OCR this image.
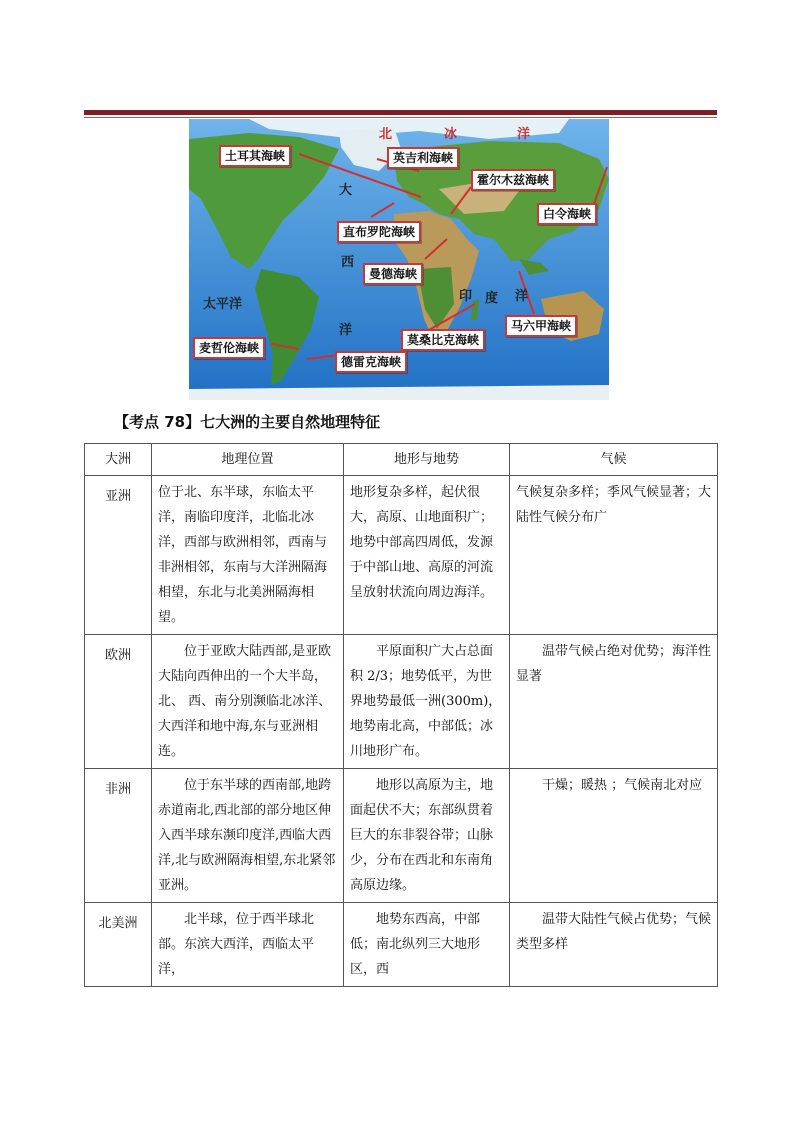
土耳其海峡	英吉利海峡
霍尔木兹海峡
白令海峡
直布罗陀海峡
曼德海峡
马六甲海峡
莫桑比克海峡
麦哲伦海峡
德雷克海峡
北	冰	洋
大
西
洋
太平洋
印 度 洋
【考点 78】七大洲的主要自然地理特征
大洲	地理位置	地形与地势	气候
亚洲	位于北、东半球，东临太平洋，南临印度洋，北临北冰洋，西部与欧洲相邻，西南与非洲相邻，东南与大洋洲隔海相望，东北与北美洲隔海相望。	地形复杂多样，起伏很大，高原、山地面积广；地势中部高四周低，发源于中部山地、高原的河流呈放射状流向周边海洋。	气候复杂多样；季风气候显著；大陆性气候分布广
欧洲	位于亚欧大陆西部,是亚欧大陆向西伸出的一个大半岛，北、 西、南分别濒临北冰洋、大西洋和地中海,东与亚洲相连。	平原面积广大占总面积 2/3；地势低平，为世界地势最低一洲(300m)，地势南北高，中部低；冰川地形广布。	温带气候占绝对优势；海洋性显著
非洲	位于东半球的西南部,地跨赤道南北,西北部的部分地区伸入西半球东濒印度洋,西临大西洋,北与欧洲隔海相望,东北紧邻亚洲。	地形以高原为主，地面起伏不大；东部纵贯着巨大的东非裂谷带；山脉少，分布在西北和东南角高原边缘。	干燥；暖热 ；气候南北对应
北美洲	北半球，位于西半球北部。东滨大西洋，西临太平洋，	地势东西高，中部低；南北纵列三大地形区，西	温带大陆性气候占优势；气候类型多样
